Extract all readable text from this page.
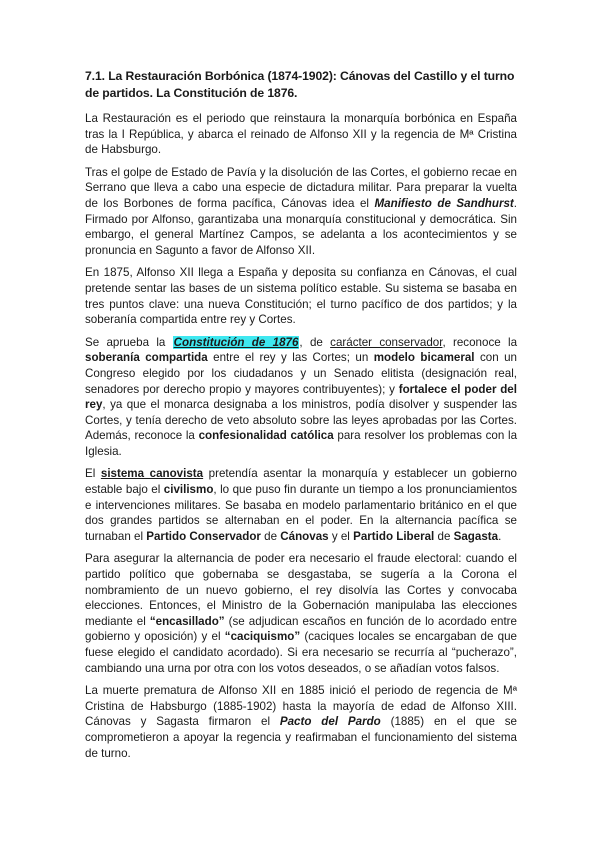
7.1. La Restauración Borbónica (1874-1902): Cánovas del Castillo y el turno de partidos. La Constitución de 1876.

La Restauración es el periodo que reinstaura la monarquía borbónica en España tras la I República, y abarca el reinado de Alfonso XII y la regencia de Mª Cristina de Habsburgo.

Tras el golpe de Estado de Pavía y la disolución de las Cortes, el gobierno recae en Serrano que lleva a cabo una especie de dictadura militar. Para preparar la vuelta de los Borbones de forma pacífica, Cánovas idea el Manifiesto de Sandhurst. Firmado por Alfonso, garantizaba una monarquía constitucional y democrática. Sin embargo, el general Martínez Campos, se adelanta a los acontecimientos y se pronuncia en Sagunto a favor de Alfonso XII.

En 1875, Alfonso XII llega a España y deposita su confianza en Cánovas, el cual pretende sentar las bases de un sistema político estable. Su sistema se basaba en tres puntos clave: una nueva Constitución; el turno pacífico de dos partidos; y la soberanía compartida entre rey y Cortes.

Se aprueba la Constitución de 1876, de carácter conservador, reconoce la soberanía compartida entre el rey y las Cortes; un modelo bicameral con un Congreso elegido por los ciudadanos y un Senado elitista (designación real, senadores por derecho propio y mayores contribuyentes); y fortalece el poder del rey, ya que el monarca designaba a los ministros, podía disolver y suspender las Cortes, y tenía derecho de veto absoluto sobre las leyes aprobadas por las Cortes. Además, reconoce la confesionalidad católica para resolver los problemas con la Iglesia.

El sistema canovista pretendía asentar la monarquía y establecer un gobierno estable bajo el civilismo, lo que puso fin durante un tiempo a los pronunciamientos e intervenciones militares. Se basaba en modelo parlamentario británico en el que dos grandes partidos se alternaban en el poder. En la alternancia pacífica se turnaban el Partido Conservador de Cánovas y el Partido Liberal de Sagasta.

Para asegurar la alternancia de poder era necesario el fraude electoral: cuando el partido político que gobernaba se desgastaba, se sugería a la Corona el nombramiento de un nuevo gobierno, el rey disolvía las Cortes y convocaba elecciones. Entonces, el Ministro de la Gobernación manipulaba las elecciones mediante el “encasillado” (se adjudican escaños en función de lo acordado entre gobierno y oposición) y el “caciquismo” (caciques locales se encargaban de que fuese elegido el candidato acordado). Si era necesario se recurría al “pucherazo”, cambiando una urna por otra con los votos deseados, o se añadían votos falsos.

La muerte prematura de Alfonso XII en 1885 inició el periodo de regencia de Mª Cristina de Habsburgo (1885-1902) hasta la mayoría de edad de Alfonso XIII. Cánovas y Sagasta firmaron el Pacto del Pardo (1885) en el que se comprometieron a apoyar la regencia y reafirmaban el funcionamiento del sistema de turno.
